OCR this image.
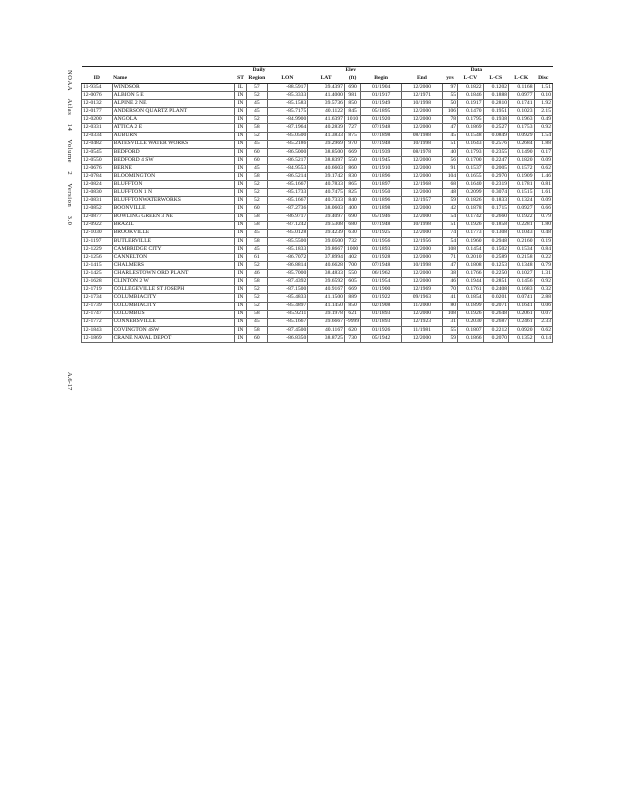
NOAA Atlas 14 Volume 2 Version 3.0
A.6-17
			Daily			Elev			Data				
ID	Name	ST	Region	LON	LAT	(ft)	Begin	End	yrs	L-CV	L-CS	L-CK	Disc
11-9354	WINDSOR	IL	57	-88.5917	39.4397	690	01/1904	12/2000	97	0.1822	0.1202	0.1168	1.51
12-0076	ALBION 5 E	IN	52	-85.3333	41.4000	981	01/1917	12/1971	55	0.1846	0.1888	0.0977	0.10
12-0132	ALPINE 2 NE	IN	45	-85.1583	39.5736	850	01/1949	10/1998	50	0.1917	0.2810	0.1741	1.92
12-0177	ANDERSON QUARTZ PLANT	IN	45	-85.7175	40.1122	845	05/1895	12/2000	106	0.1470	0.1951	0.1023	2.15
12-0200	ANGOLA	IN	52	-84.9900	41.6397	1010	01/1920	12/2000	78	0.1795	0.1938	0.1963	0.49
12-0331	ATTICA 2 E	IN	58	-87.1964	40.2839	727	07/1948	12/2000	47	0.1869	0.2527	0.1753	0.92
12-0334	AUBURN	IN	52	-85.0500	41.3833	875	07/1898	08/1988	45	0.1548	0.0849	0.0929	1.54
12-0482	BATESVILLE WATER WORKS	IN	45	-85.2186	39.2969	970	07/1948	10/1998	51	0.1643	0.2576	0.2684	1.88
12-0545	BEDFORD	IN	60	-86.5000	38.8500	669	01/1939	08/1978	40	0.1793	0.2355	0.1490	0.17
12-0550	BEDFORD 4 SW	IN	60	-86.5217	38.8397	550	01/1945	12/2000	56	0.1700	0.2247	0.1820	0.09
12-0676	BERNE	IN	45	-84.9553	40.6603	860	01/1910	12/2000	91	0.1537	0.2005	0.1572	0.62
12-0784	BLOOMINGTON	IN	58	-86.5214	39.1742	830	01/1896	12/2000	104	0.1655	0.2970	0.1909	1.46
12-0824	BLUFFTON	IN	52	-85.1667	40.7833	865	01/1897	12/1968	68	0.1640	0.2319	0.1781	0.81
12-0830	BLUFFTON 1 N	IN	52	-85.1733	40.7475	825	01/1950	12/2000	48	0.2099	0.3074	0.1515	1.61
12-0831	BLUFFTONWATERWORKS	IN	52	-85.1667	40.7333	840	01/1896	12/1957	59	0.1826	0.1833	0.1324	0.09
12-0852	BOONVILLE	IN	60	-87.2736	38.0603	400	01/1898	12/2000	42	0.1878	0.1715	0.0927	0.66
12-0877	BOWLING GREEN 3 NE	IN	58	-86.9717	39.4097	690	05/1946	12/2000	54	0.1742	0.2660	0.1922	0.79
12-0922	BRAZIL	IN	58	-87.1242	39.5308	680	07/1948	10/1998	51	0.1926	0.1858	0.2281	1.80
12-1030	BROOKVILLE	IN	45	-85.0128	39.4239	630	01/1925	12/2000	74	0.1773	0.1308	0.1043	0.48
12-1197	BUTLERVILLE	IN	58	-85.5500	39.0500	732	01/1956	12/1956	54	0.1960	0.2948	0.2160	0.19
12-1229	CAMBRIDGE CITY	IN	45	-85.1833	39.8667	1000	01/1893	12/2000	108	0.1454	0.1502	0.1534	0.84
12-1256	CANNELTON	IN	61	-86.7072	37.8994	402	01/1928	12/2000	71	0.2010	0.2589	0.2158	0.22
12-1415	CHALMERS	IN	52	-86.8814	40.6628	700	07/1948	10/1998	47	0.1808	0.1253	0.1348	0.79
12-1425	CHARLESTOWN ORD PLANT	IN	46	-85.7000	38.4833	550	06/1962	12/2000	38	0.1766	0.2250	0.1027	1.31
12-1628	CLINTON 2 W	IN	58	-87.4392	39.6592	605	01/1954	12/2000	46	0.1944	0.2851	0.1456	0.92
12-1719	COLLEGEVILLE ST JOSEPH	IN	52	-87.1500	40.9167	669	01/1900	12/1969	70	0.1761	0.2408	0.1683	0.32
12-1734	COLUMBIACITY	IN	52	-85.4833	41.1500	889	01/1922	09/1963	41	0.1854	0.0201	0.0741	2.88
12-1739	COLUMBIACITY	IN	52	-85.4897	41.1450	850	02/1908	11/2000	80	0.1899	0.2071	0.1641	0.06
12-1747	COLUMBUS	IN	58	-85.9211	39.1978	621	01/1893	12/2000	108	0.1926	0.2648	0.2061	0.07
12-1772	CONNERSVILLE	IN	45	-85.1667	39.6667	-9999	01/1893	12/1923	31	0.2030	0.2687	0.2461	2.33
12-1843	COVINGTON 4SW	IN	58	-87.4500	40.1167	620	01/1926	11/1981	55	0.1807	0.2212	0.0920	0.62
12-1869	CRANE NAVAL DEPOT	IN	60	-86.8350	38.8725	730	05/1942	12/2000	59	0.1866	0.2070	0.1352	0.14
